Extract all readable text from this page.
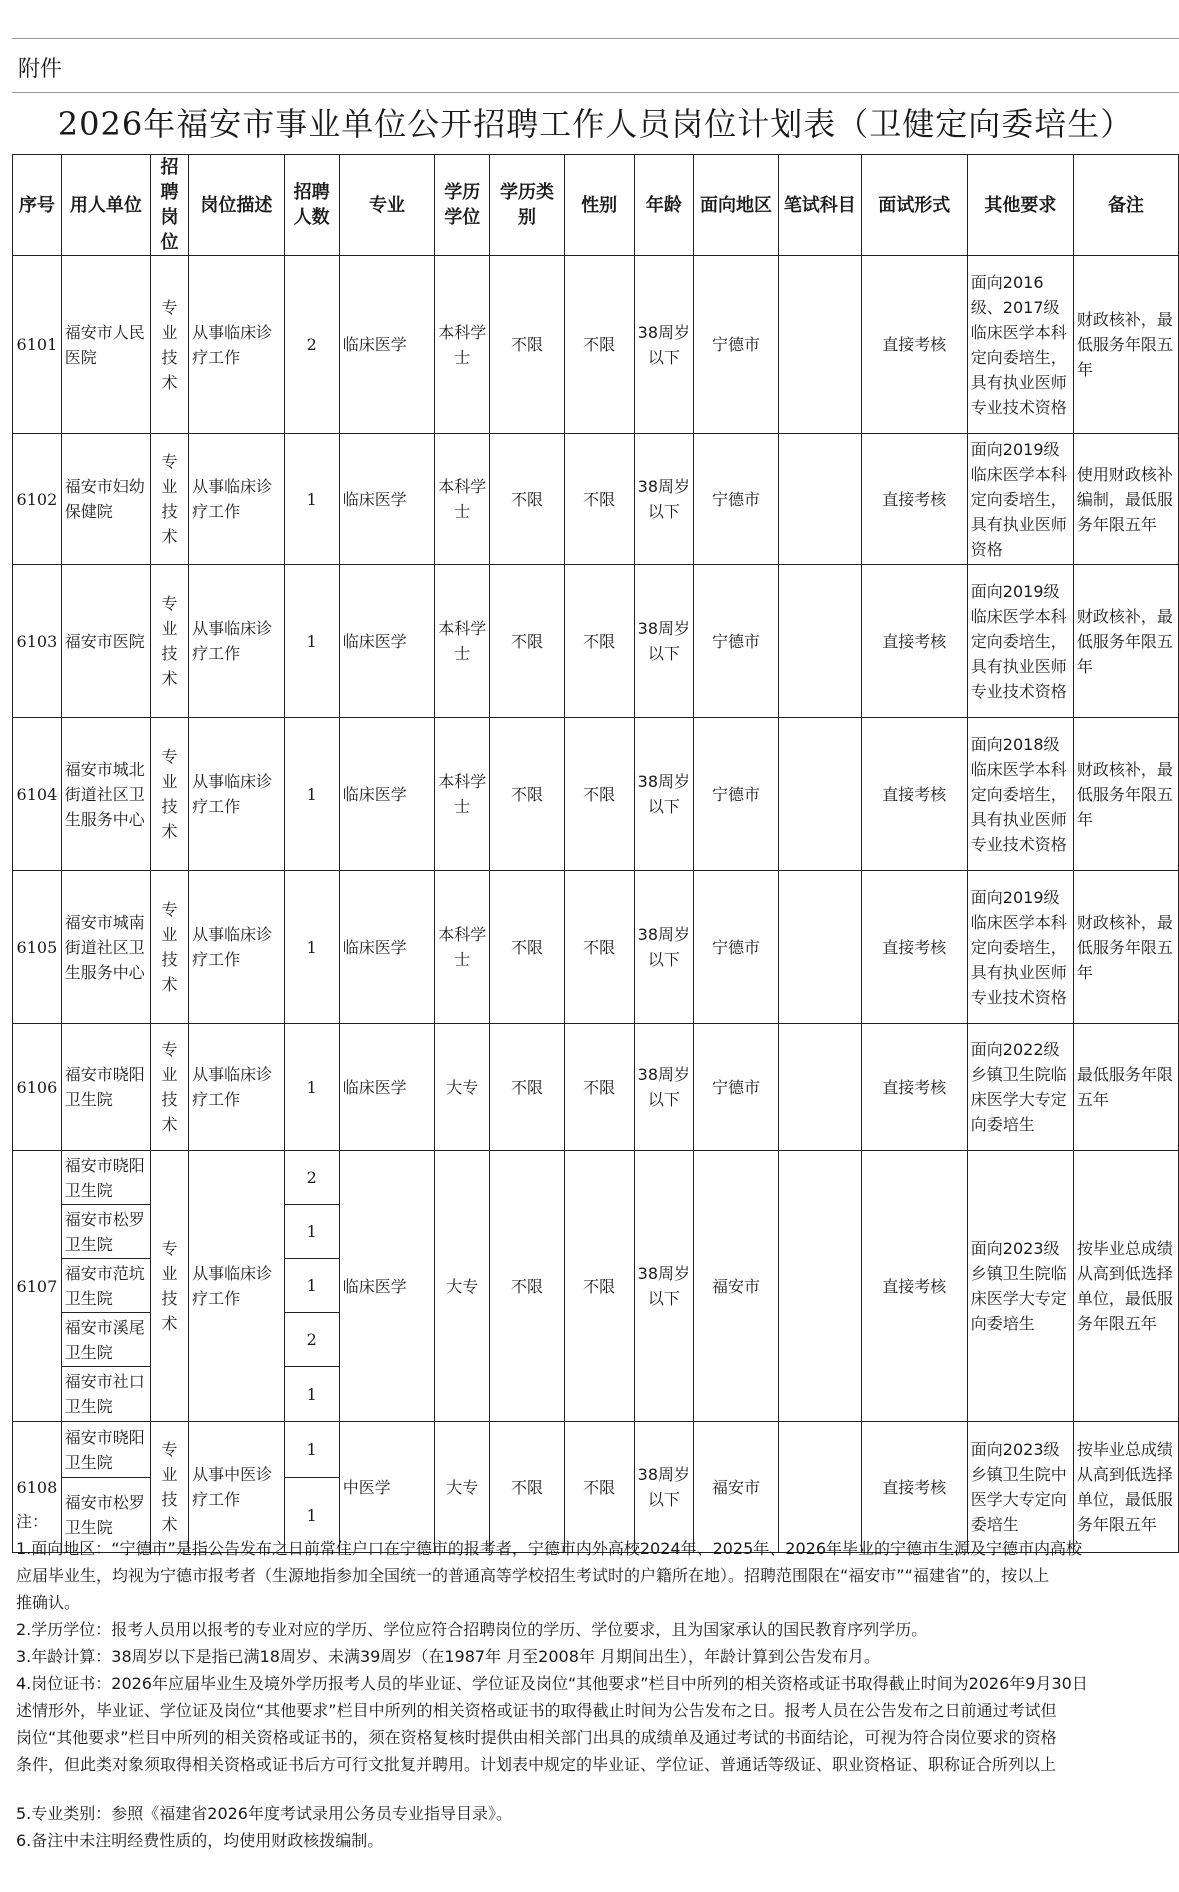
附件
2026年福安市事业单位公开招聘工作人员岗位计划表（卫健定向委培生）
序号	用人单位	招聘岗位	岗位描述	招聘人数	专业	学历学位	学历类别	性别	年龄	面向地区	笔试科目	面试形式	其他要求	备注
6101	福安市人民医院	专业技术	从事临床诊疗工作	2	临床医学	本科学士	不限	不限	38周岁以下	宁德市		直接考核	面向2016级、2017级临床医学本科定向委培生，具有执业医师专业技术资格	财政核补，最低服务年限五年
6102	福安市妇幼保健院	专业技术	从事临床诊疗工作	1	临床医学	本科学士	不限	不限	38周岁以下	宁德市		直接考核	面向2019级临床医学本科定向委培生，具有执业医师资格	使用财政核补编制，最低服务年限五年
6103	福安市医院	专业技术	从事临床诊疗工作	1	临床医学	本科学士	不限	不限	38周岁以下	宁德市		直接考核	面向2019级临床医学本科定向委培生，具有执业医师专业技术资格	财政核补，最低服务年限五年
6104	福安市城北街道社区卫生服务中心	专业技术	从事临床诊疗工作	1	临床医学	本科学士	不限	不限	38周岁以下	宁德市		直接考核	面向2018级临床医学本科定向委培生，具有执业医师专业技术资格	财政核补，最低服务年限五年
6105	福安市城南街道社区卫生服务中心	专业技术	从事临床诊疗工作	1	临床医学	本科学士	不限	不限	38周岁以下	宁德市		直接考核	面向2019级临床医学本科定向委培生，具有执业医师专业技术资格	财政核补，最低服务年限五年
6106	福安市晓阳卫生院	专业技术	从事临床诊疗工作	1	临床医学	大专	不限	不限	38周岁以下	宁德市		直接考核	面向2022级乡镇卫生院临床医学大专定向委培生	最低服务年限五年
6107	福安市晓阳卫生院	专业技术	从事临床诊疗工作	2	临床医学	大专	不限	不限	38周岁以下	福安市		直接考核	面向2023级乡镇卫生院临床医学大专定向委培生	按毕业总成绩从高到低选择单位，最低服务年限五年
	福安市松罗卫生院			1										
	福安市范坑卫生院			1										
	福安市溪尾卫生院			2										
	福安市社口卫生院			1										
6108	福安市晓阳卫生院	专业技术	从事中医诊疗工作	1	中医学	大专	不限	不限	38周岁以下	福安市		直接考核	面向2023级乡镇卫生院中医学大专定向委培生	按毕业总成绩从高到低选择单位，最低服务年限五年
	福安市松罗卫生院			1										

注：

1.面向地区：“宁德市”是指公告发布之日前常住户口在宁德市的报考者，宁德市内外高校2024年、2025年、2026年毕业的宁德市生源及宁德市内高校

应届毕业生，均视为宁德市报考者（生源地指参加全国统一的普通高等学校招生考试时的户籍所在地）。招聘范围限在“福安市”“福建省”的，按以上

推确认。

2.学历学位：报考人员用以报考的专业对应的学历、学位应符合招聘岗位的学历、学位要求，且为国家承认的国民教育序列学历。

3.年龄计算：38周岁以下是指已满18周岁、未满39周岁（在1987年 月至2008年 月期间出生），年龄计算到公告发布月。

4.岗位证书：2026年应届毕业生及境外学历报考人员的毕业证、学位证及岗位“其他要求”栏目中所列的相关资格或证书取得截止时间为2026年9月30日

述情形外，毕业证、学位证及岗位“其他要求”栏目中所列的相关资格或证书的取得截止时间为公告发布之日。报考人员在公告发布之日前通过考试但

岗位“其他要求”栏目中所列的相关资格或证书的，须在资格复核时提供由相关部门出具的成绩单及通过考试的书面结论，可视为符合岗位要求的资格

条件，但此类对象须取得相关资格或证书后方可行文批复并聘用。计划表中规定的毕业证、学位证、普通话等级证、职业资格证、职称证合所列以上

5.专业类别：参照《福建省2026年度考试录用公务员专业指导目录》。

6.备注中未注明经费性质的，均使用财政核拨编制。
